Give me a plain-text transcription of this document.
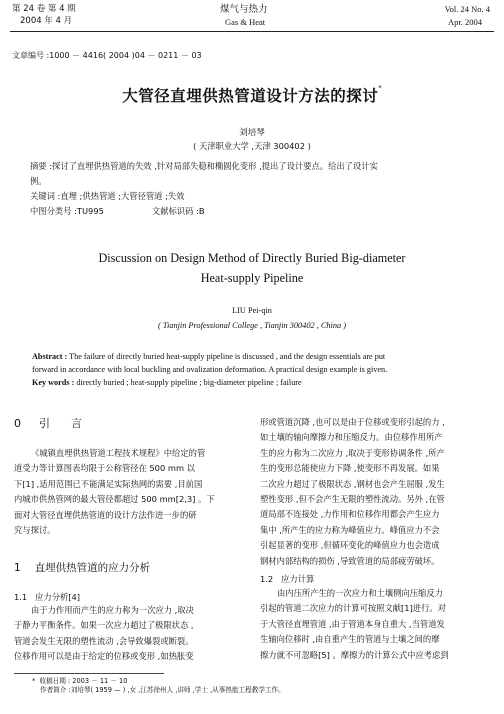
第 24 卷 第 4 期
2004 年 4 月
煤气与热力
Gas & Heat
Vol. 24 No. 4
Apr. 2004
文章编号 :1000 － 4416( 2004 )04 － 0211 － 03
大管径直埋供热管道设计方法的探讨*
刘培琴
( 天津职业大学 ,天津 300402 )
摘要 :探讨了直埋供热管道的失效 ,针对局部失稳和椭圆化变形 ,提出了设计要点。给出了设计实
例。
关键词 :直埋 ;供热管道 ;大管径管道 ;失效
中图分类号 :TU995	文献标识码 :B
Discussion on Design Method of Directly Buried Big-diameter
Heat-supply Pipeline
LIU Pei-qin
( Tianjin Professional College , Tianjin 300402 , China )
Abstract : The failure of directly buried heat-supply pipeline is discussed , and the design essentials are put
forward in accordance with local buckling and ovalization deformation. A practical design example is given.
Key words : directly buried ; heat-supply pipeline ; big-diameter pipeline ; failure
0 引      言
《城镇直埋供热管道工程技术规程》中给定的管
道受力等计算图表均限于公称管径在 500 mm 以
下[1] ,适用范围已不能满足实际热网的需要 ,目前国
内城市供热管网的最大管径都超过 500 mm[2,3] 。下
面对大管径直埋供热管道的设计方法作进一步的研
究与探讨。
1 直埋供热管道的应力分析
1.1   应力分析[4]
由于力作用而产生的应力称为一次应力 ,取决
于静力平衡条件。如果一次应力超过了极限状态 ,
管道会发生无限的塑性流动 ,会导致爆裂或断裂。
位移作用可以是由于给定的位移或变形 ,如热胀变
形或管道沉降 ,也可以是由于位移或变形引起的力 ,
如土壤的轴向摩擦力和压缩反力。由位移作用所产
生的应力称为二次应力 ,取决于变形协调条件 ,所产
生的变形总能使应力下降 ,使变形不再发展。如果
二次应力超过了极限状态 ,钢材也会产生屈服 ,发生
塑性变形 ,但不会产生无限的塑性流动。另外 ,在管
道局部不连接处 ,力作用和位移作用都会产生应力
集中 ,所产生的应力称为峰值应力。峰值应力不会
引起显著的变形 ,但循环变化的峰值应力也会造成
钢材内部结构的损伤 ,导致管道的局部疲劳破坏。
1.2   应力计算
由内压所产生的一次应力和土壤侧向压缩反力
引起的管道二次应力的计算可按照文献[1]进行。对
于大管径直埋管道 ,由于管道本身自重大 ,当管道发
生轴向位移时 ,由自重产生的管道与土壤之间的摩
擦力就不可忽略[5] 。摩擦力的计算公式中应考虑到
* 收稿日期 : 2003 － 11 － 10
作者简介 :刘培琴( 1959 — ) ,女 ,江苏徐州人 ,讲师 ,学士 ,从事热能工程教学工作。
